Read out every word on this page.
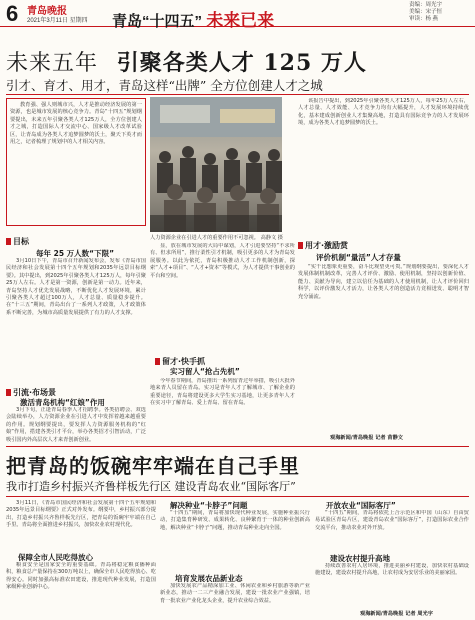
6 青岛晚报
2021年3月11日 星期四 青岛“十四五” 未来已来
责编：周光宇
美编：宋子恒
审读：杨 燕
未来五年 引聚各类人才 125 万人
引才、育才、用才，青岛这样“出牌” 全方位创建人才之城

教育强、强人则城市兴，人才是推动经济发展的第一资源，也是城市发展的核心竞争力。青岛“十四五”规划纲要提出，未来五年引聚各类人才125万人，全方位创建人才之城，打造国际人才交流中心、国家级人才改革试验区，让青岛成为各类人才追梦圆梦的沃土，聚天下英才而用之，记者梳理了规划中的人才相关内容。

人力资源企业在引进人才的重要作用不可忽视。 高静文 摄

该报告中提出，到2025年引聚各类人才125万人，每年25万人左右，人才总量、人才效能、人才竞争力均有大幅提升，人才发展环境持续优化，基本建成创新创业人才集聚高地，打造具有国际竞争力的人才发展环境，成为各类人才追梦圆梦的沃土。

目标
每年 25 万人数“下限”

3月10日下午，青岛市召开新闻发布会，发布《青岛市国民经济和社会发展第十四个五年规划和2035年远景目标纲要》。其中提出，到2025年引聚各类人才125万人，每年引聚25万人左右。人才是第一资源，创新是第一动力。近年来，青岛坚持人才优先发展战略，不断优化人才发展环境，累计引聚各类人才超过100万人，人才总量、质量稳步提升。在“十三五”期间，青岛出台了一系列人才政策，人才政策体系不断完善，为城市高质量发展提供了有力的人才支撑。

引流·布场景
激活青岛机构“红娘”作用

3月下旬，正逢青岛春季人才招聘季。各类招聘会、双选会陆续举办，人力资源企业在引进人才中发挥着越来越重要的作用。规划纲要提出，要发挥人力资源服务机构的“红娘”作用，搭建各类引才平台，举办各类招才引智活动，广泛吸引国内外高层次人才来青创新创业。

显，放在城市发展的大局中谋划，人才引进要坚持“不求所有、但求所用”，推行柔性引才机制，吸引更多的人才为青岛发展服务。以此为依托，青岛积极推动人才工作机制创新，探索“人才+项目”、“人才+资本”等模式，为人才提供干事创业的平台和空间。

留才·快手抓
实习留人“抢占先机”

今年春节期间，青岛推出一系列留青过年举措，吸引大批外地来青人员留在青岛。实习是青年人才了解城市、了解企业的重要途径，青岛将建设更多大学生实习基地，让更多青年人才在实习中了解青岛、爱上青岛、留在青岛。

用才·激励赏
评价机制“量活”人才存量

“实干比想象更重要，奋斗比观望更可贵。”规划纲要提出，要深化人才发展体制机制改革，完善人才评价、激励、使用机制，坚持以创新价值、能力、贡献为导向，建立以信任为基础的人才使用机制，让人才评价回归科学，以评价激发人才活力，让各类人才的创造活力竞相迸发、聪明才智充分涌流。

观海新闻/青岛晚报 记者 苗静文
把青岛的饭碗牢牢端在自己手里
我市打造乡村振兴齐鲁样板先行区 建设青岛农业“国际客厅”

3月11日，《青岛市国民经济和社会发展第十四个五年规划和2035年远景目标纲要》正式对外发布。纲要中，乡村振兴部分提出，打造乡村振兴齐鲁样板先行区，把青岛的饭碗牢牢端在自己手里。青岛将全面推进乡村振兴，加快农业农村现代化。

保障全市人民吃得放心

粮食安全是国家安全的重要基础。青岛将稳定粮食播种面积，粮食总产量保持在300万吨以上，确保全市人民吃得放心、吃得安心。同时加强高标准农田建设，推进现代种业发展，打造国家级种业创新中心。

解决种业“卡脖子”问题

“十四五”期间，青岛将加快现代种业发展，实施种业振兴行动，打造集育种研发、成果转化、良种繁育于一体的种业创新高地，解决种业“卡脖子”问题，推动青岛种业走向全国。

培育发展农品新业态

加快发展农产品精深加工业、休闲农业和乡村旅游等新产业新业态，推动一二三产业融合发展，建设一批农业产业强镇，培育一批农业产业化龙头企业，提升农业综合效益。

开放农业“国际客厅”

“十四五”期间，青岛将依托上合示范区和中国（山东）自由贸易试验区青岛片区，建设青岛农业“国际客厅”，打造国际农业合作交流平台，推动农业对外开放。

建设农村提升高地

持续改善农村人居环境，推进美丽乡村建设，加快农村基础设施建设，建设农村提升高地，让农村成为安居乐业的美丽家园。

观海新闻/青岛晚报 记者 周光宇
